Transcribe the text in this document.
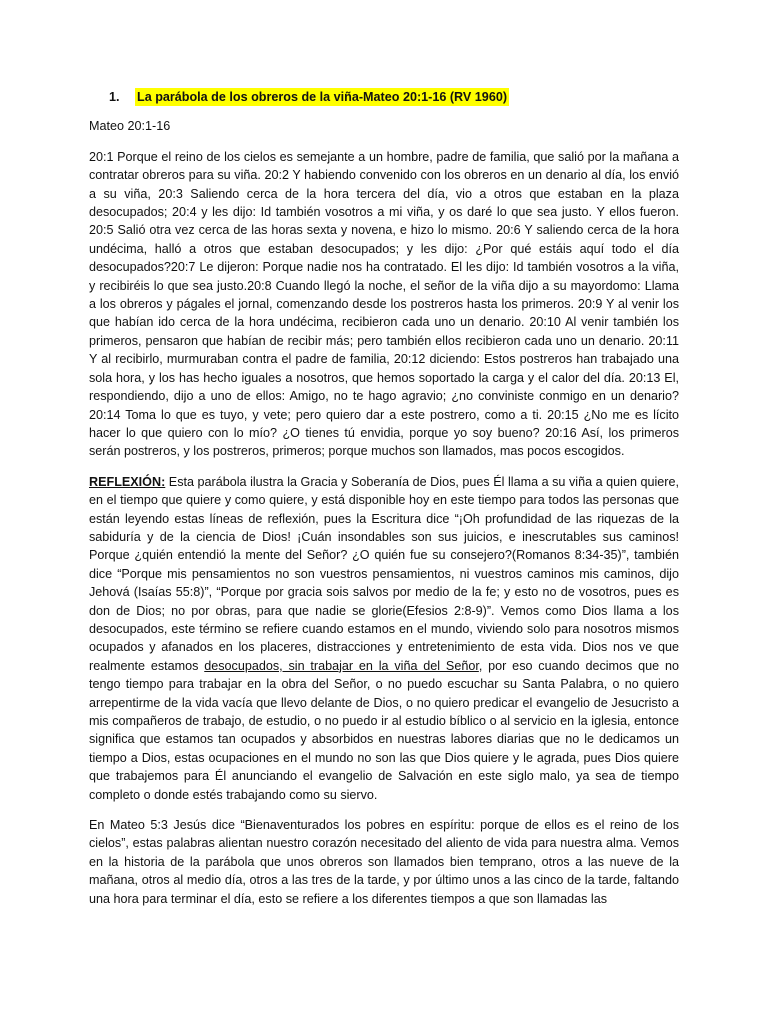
1.	La parábola de los obreros de la viña-Mateo 20:1-16 (RV 1960)
Mateo 20:1-16

20:1 Porque el reino de los cielos es semejante a un hombre, padre de familia, que salió por la mañana a contratar obreros para su viña. 20:2 Y habiendo convenido con los obreros en un denario al día, los envió a su viña, 20:3 Saliendo cerca de la hora tercera del día, vio a otros que estaban en la plaza desocupados; 20:4 y les dijo: Id también vosotros a mi viña, y os daré lo que sea justo. Y ellos fueron. 20:5 Salió otra vez cerca de las horas sexta y novena, e hizo lo mismo. 20:6 Y saliendo cerca de la hora undécima, halló a otros que estaban desocupados; y les dijo: ¿Por qué estáis aquí todo el día desocupados?20:7 Le dijeron: Porque nadie nos ha contratado. El les dijo: Id también vosotros a la viña, y recibiréis lo que sea justo.20:8 Cuando llegó la noche, el señor de la viña dijo a su mayordomo: Llama a los obreros y págales el jornal, comenzando desde los postreros hasta los primeros. 20:9 Y al venir los que habían ido cerca de la hora undécima, recibieron cada uno un denario. 20:10 Al venir también los primeros, pensaron que habían de recibir más; pero también ellos recibieron cada uno un denario. 20:11 Y al recibirlo, murmuraban contra el padre de familia, 20:12 diciendo: Estos postreros han trabajado una sola hora, y los has hecho iguales a nosotros, que hemos soportado la carga y el calor del día. 20:13 El, respondiendo, dijo a uno de ellos: Amigo, no te hago agravio; ¿no conviniste conmigo en un denario? 20:14 Toma lo que es tuyo, y vete; pero quiero dar a este postrero, como a ti. 20:15 ¿No me es lícito hacer lo que quiero con lo mío? ¿O tienes tú envidia, porque yo soy bueno? 20:16 Así, los primeros serán postreros, y los postreros, primeros; porque muchos son llamados, mas pocos escogidos.

REFLEXIÓN: Esta parábola ilustra la Gracia y Soberanía de Dios, pues Él llama a su viña a quien quiere, en el tiempo que quiere y como quiere, y está disponible hoy en este tiempo para todos las personas que están leyendo estas líneas de reflexión, pues la Escritura dice “¡Oh profundidad de las riquezas de la sabiduría y de la ciencia de Dios! ¡Cuán insondables son sus juicios, e inescrutables sus caminos! Porque ¿quién entendió la mente del Señor? ¿O quién fue su consejero?(Romanos 8:34-35)”, también dice “Porque mis pensamientos no son vuestros pensamientos, ni vuestros caminos mis caminos, dijo Jehová (Isaías 55:8)”, “Porque por gracia sois salvos por medio de la fe; y esto no de vosotros, pues es don de Dios; no por obras, para que nadie se glorie(Efesios 2:8-9)”. Vemos como Dios llama a los desocupados, este término se refiere cuando estamos en el mundo, viviendo solo para nosotros mismos ocupados y afanados en los placeres, distracciones y entretenimiento de esta vida. Dios nos ve que realmente estamos desocupados, sin trabajar en la viña del Señor, por eso cuando decimos que no tengo tiempo para trabajar en la obra del Señor, o no puedo escuchar su Santa Palabra, o no quiero arrepentirme de la vida vacía que llevo delante de Dios, o no quiero predicar el evangelio de Jesucristo a mis compañeros de trabajo, de estudio, o no puedo ir al estudio bíblico o al servicio en la iglesia, entonce significa que estamos tan ocupados y absorbidos en nuestras labores diarias que no le dedicamos un tiempo a Dios, estas ocupaciones en el mundo no son las que Dios quiere y le agrada, pues Dios quiere que trabajemos para Él anunciando el evangelio de Salvación en este siglo malo, ya sea de tiempo completo o donde estés trabajando como su siervo.

En Mateo 5:3 Jesús dice “Bienaventurados los pobres en espíritu: porque de ellos es el reino de los cielos”, estas palabras alientan nuestro corazón necesitado del aliento de vida para nuestra alma. Vemos en la historia de la parábola que unos obreros son llamados bien temprano, otros a las nueve de la mañana, otros al medio día, otros a las tres de la tarde, y por último unos a las cinco de la tarde, faltando una hora para terminar el día, esto se refiere a los diferentes tiempos a que son llamadas las
